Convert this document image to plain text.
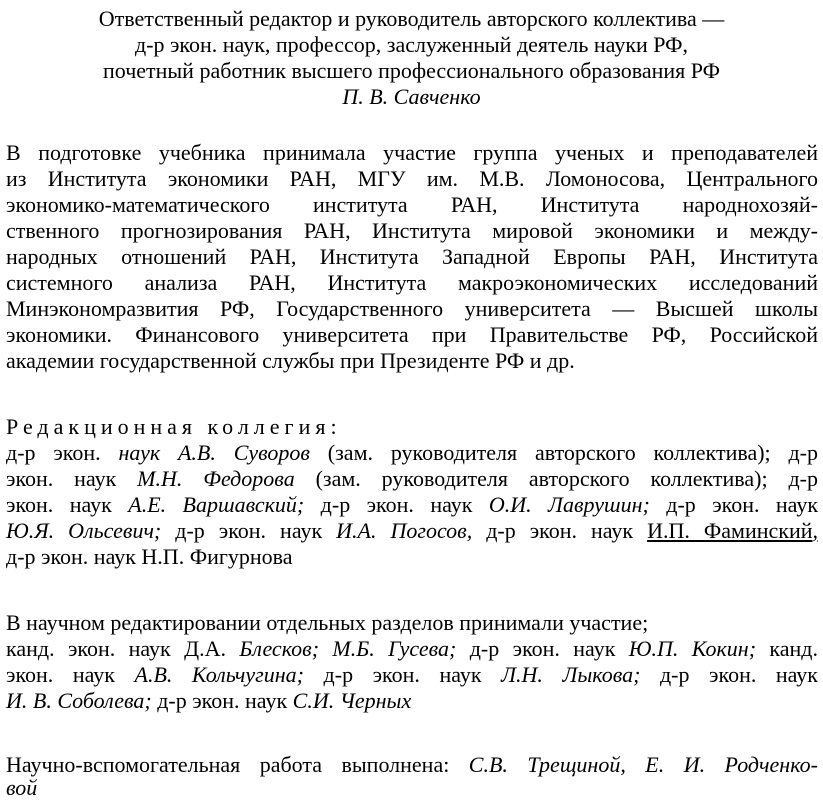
Ответственный редактор и руководитель авторского коллектива —
д-р экон. наук, профессор, заслуженный деятель науки РФ,
почетный работник высшего профессионального образования РФ
П. В. Савченко
В подготовке учебника принимала участие группа ученых и преподавателей
из Института экономики РАН, МГУ им. М.В. Ломоносова, Центрального
экономико-математического института РАН, Института народнохозяй-
ственного прогнозирования РАН, Института мировой экономики и между-
народных отношений РАН, Института Западной Европы РАН, Института
системного анализа РАН, Института макроэкономических исследований
Минэкономразвития РФ, Государственного университета — Высшей школы
экономики. Финансового университета при Правительстве РФ, Российской
академии государственной службы при Президенте РФ и др.
Редакционная коллегия:
д-р экон. наук А.В. Суворов (зам. руководителя авторского коллектива); д-р
экон. наук М.Н. Федорова (зам. руководителя авторского коллектива); д-р
экон. наук А.Е. Варшавский; д-р экон. наук О.И. Лаврушин; д-р экон. наук
Ю.Я. Ольсевич; д-р экон. наук И.А. Погосов, д-р экон. наук И.П. Фаминский,
д-р экон. наук Н.П. Фигурнова
В научном редактировании отдельных разделов принимали участие;
канд. экон. наук Д.А. Блесков; М.Б. Гусева; д-р экон. наук Ю.П. Кокин; канд.
экон. наук А.В. Кольчугина; д-р экон. наук Л.Н. Лыкова; д-р экон. наук
И. В. Соболева; д-р экон. наук С.И. Черных
Научно-вспомогательная работа выполнена: С.В. Трещиной, Е. И. Родченко-
вой
